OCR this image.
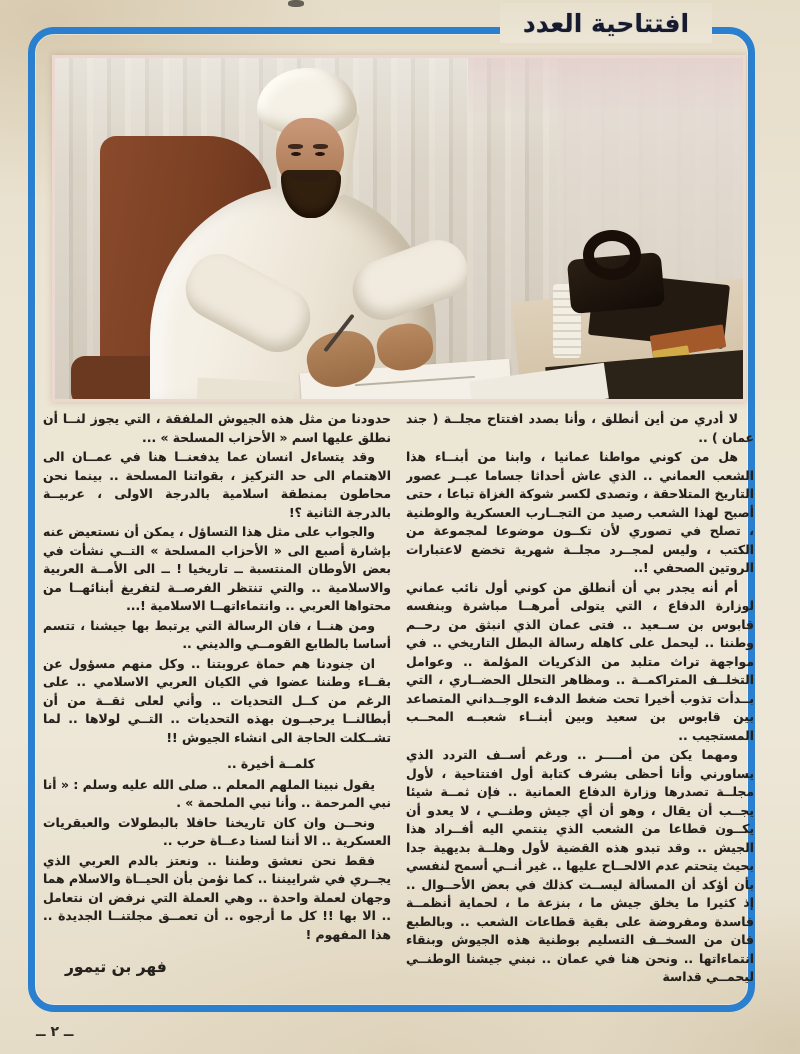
افتتاحية العدد
لا أدري من أين أنطلق ، وأنا بصدد افتتاح مجلــة ( جند عمان ) ..
هل من كوني مواطنا عمانيا ، وابنا من أبنــاء هذا الشعب العماني .. الذي عاش أحداثا جساما عبــر عصور التاريخ المتلاحقة ، وتصدى لكسر شوكة الغزاة تباعا ، حتى أصبح لهذا الشعب رصيد من التجــارب العسكرية والوطنية ، تصلح في تصوري لأن تكــون موضوعا لمجموعة من الكتب ، وليس لمجــرد مجلــة شهرية تخضع لاعتبارات الروتين الصحفي !..
أم أنه يجدر بي أن أنطلق من كوني أول نائب عماني لوزارة الدفاع ، التي يتولى أمرهــا مباشرة وبنفسه قابوس بن ســعيد .. فتى عمان الذي انبثق من رحــم وطننا .. ليحمل على كاهله رسالة البطل التاريخي .. في مواجهة تراث متلبد من الذكريات المؤلمة .. وعوامل التخلــف المتراكمــة .. ومظاهر التحلل الحضــاري ، التي بــدأت تذوب أخيرا تحت ضغط الدفء الوجــداني المتصاعد بين قابوس بن سعيد وبين أبنــاء شعبــه المحــب المستجيب ..
ومهما يكن من أمــــر .. ورغم أســف التردد الذي يساورني وأنا أحظى بشرف كتابة أول افتتاحية ، لأول مجلــة تصدرها وزارة الدفاع العمانية .. فإن ثمــة شيئا يجــب أن يقال ، وهو أن أي جيش وطنــي ، لا يعدو أن يكــون قطاعا من الشعب الذي ينتمي اليه أفــراد هذا الجيش .. وقد تبدو هذه القضية لأول وهلــة بديهية جدا بحيث يتحتم عدم الالحــاح عليها .. غير أنــي أسمح لنفسي بأن أؤكد أن المسألة ليســت كذلك في بعض الأحــوال .. إذ كثيرا ما يخلق جيش ما ، بنزعة ما ، لحماية أنظمــة فاسدة ومفروضة على بقية قطاعات الشعب .. وبالطبع فان من السخــف التسليم بوطنية هذه الجيوش وبنقاء انتماءاتها .. ونحن هنا في عمان .. نبني جيشنا الوطنــي ليحمــي قداسة
حدودنا من مثل هذه الجيوش الملفقة ، التي يجوز لنــا أن نطلق عليها اسم « الأحزاب المسلحة » ...
وقد يتساءل انسان عما يدفعنــا هنا في عمــان الى الاهتمام الى حد التركيز ، بقواتنا المسلحة .. بينما نحن محاطون بمنطقة اسلامية بالدرجة الاولى ، عربيــة بالدرجة الثانية ؟!
والجواب على مثل هذا التساؤل ، يمكن أن نستعيض عنه بإشارة أصبع الى « الأحزاب المسلحة » التــي نشأت في بعض الأوطان المنتسبة ــ تاريخيا ! ــ الى الأمــة العربية والاسلامية .. والتي تنتظر الفرصــة لتفريغ أبنائهــا من محتواها العربي .. وانتماءاتهــا الاسلامية !...
ومن هنــا ، فان الرسالة التي يرتبط بها جيشنا ، تتسم أساسا بالطابع القومــي والديني ..
ان جنودنا هم حماة عروبتنا .. وكل منهم مسؤول عن بقــاء وطننا عضوا في الكيان العربي الاسلامي .. على الرغم من كــل التحديات .. وأني لعلى ثقــة من أن أبطالنــا يرحبــون بهذه التحديات .. التــي لولاها .. لما تشــكلت الحاجة الى انشاء الجيوش !!
كلمــة أخيرة ..
يقول نبينا الملهم المعلم .. صلى الله عليه وسلم : « أنا نبي المرحمة .. وأنا نبي الملحمة » .
ونحــن وان كان تاريخنا حافلا بالبطولات والعبقريات العسكرية .. الا أننا لسنا دعــاة حرب ..
فقط نحن نعشق وطننا .. ونعتز بالدم العربي الذي يجــري في شراييننا .. كما نؤمن بأن الحيــاة والاسلام هما وجهان لعملة واحدة .. وهي العملة التي نرفض ان نتعامل .. الا بها !! كل ما أرجوه .. أن تعمــق مجلتنــا الجديدة .. هذا المفهوم !
فهر بن تيمور
ــ ٢ ــ
